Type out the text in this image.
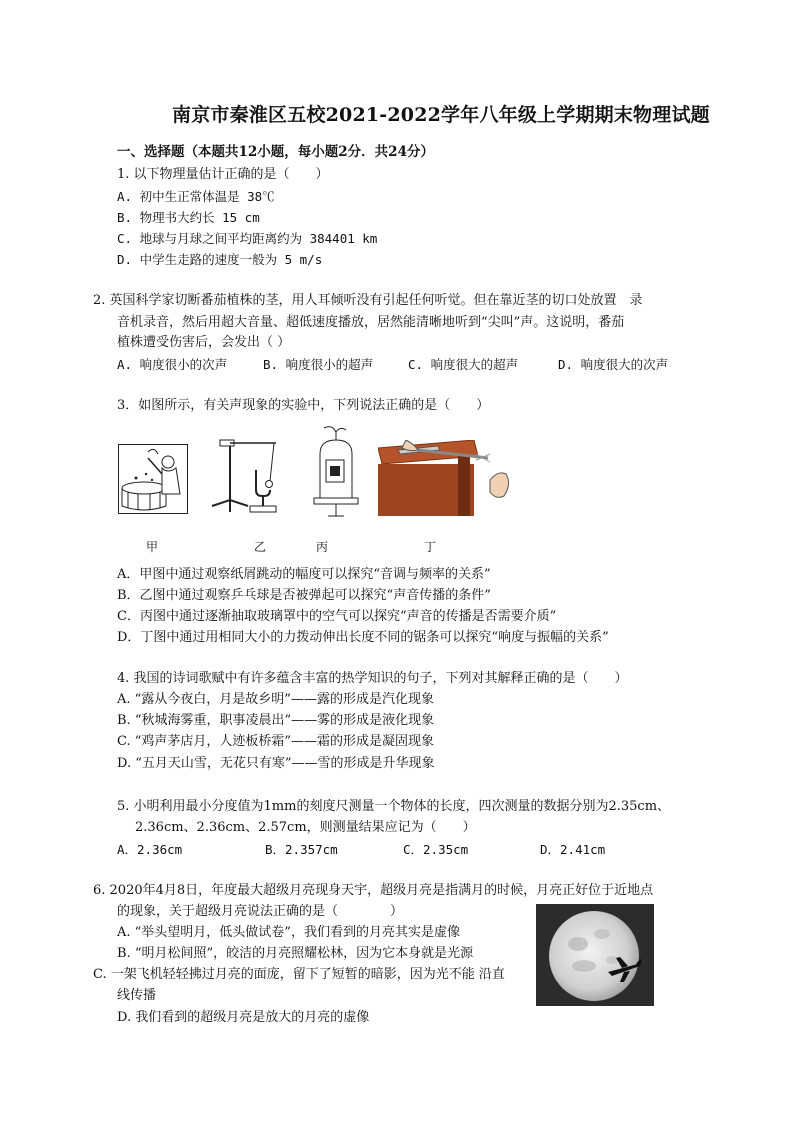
南京市秦淮区五校2021-2022学年八年级上学期期末物理试题
一、选择题（本题共12小题，每小题2分．共24分）
1. 以下物理量估计正确的是（　　）
A. 初中生正常体温是 38℃
B. 物理书大约长 15 cm
C. 地球与月球之间平均距离约为 384401 km
D. 中学生走路的速度一般为 5 m/s
2. 英国科学家切断番茄植株的茎，用人耳倾听没有引起任何听觉。但在靠近茎的切口处放置　录
音机录音，然后用超大音量、超低速度播放，居然能清晰地听到“尖叫”声。这说明，番茄
植株遭受伤害后，会发出（ ）
A. 响度很小的次声	B. 响度很小的超声	C. 响度很大的超声	D. 响度很大的次声
3．如图所示，有关声现象的实验中，下列说法正确的是（　　）
甲	乙	丙	丁
A．甲图中通过观察纸屑跳动的幅度可以探究“音调与频率的关系”
B．乙图中通过观察乒乓球是否被弹起可以探究“声音传播的条件”
C．丙图中通过逐渐抽取玻璃罩中的空气可以探究“声音的传播是否需要介质”
D．丁图中通过用相同大小的力拨动伸出长度不同的锯条可以探究“响度与振幅的关系”
4. 我国的诗词歌赋中有许多蕴含丰富的热学知识的句子，下列对其解释正确的是（　　）
A. “露从今夜白，月是故乡明”——露的形成是汽化现象
B. “秋城海雾重，职事凌晨出”——雾的形成是液化现象
C. “鸡声茅店月，人迹板桥霜”——霜的形成是凝固现象
D. “五月天山雪，无花只有寒”——雪的形成是升华现象
5. 小明利用最小分度值为1mm的刻度尺测量一个物体的长度，四次测量的数据分别为2.35cm、
2.36cm、2.36cm、2.57cm，则测量结果应记为（　　）
A．2.36cm	B．2.357cm	C．2.35cm	D．2.41cm
6. 2020年4月8日，年度最大超级月亮现身天宇，超级月亮是指满月的时候，月亮正好位于近地点
的现象，关于超级月亮说法正确的是（　　　　）
A. “举头望明月，低头做试卷”，我们看到的月亮其实是虚像
B. “明月松间照”，皎洁的月亮照耀松林，因为它本身就是光源
C. 一架飞机轻轻拂过月亮的面庞，留下了短暂的暗影，因为光不能 沿直
线传播
D. 我们看到的超级月亮是放大的月亮的虚像
